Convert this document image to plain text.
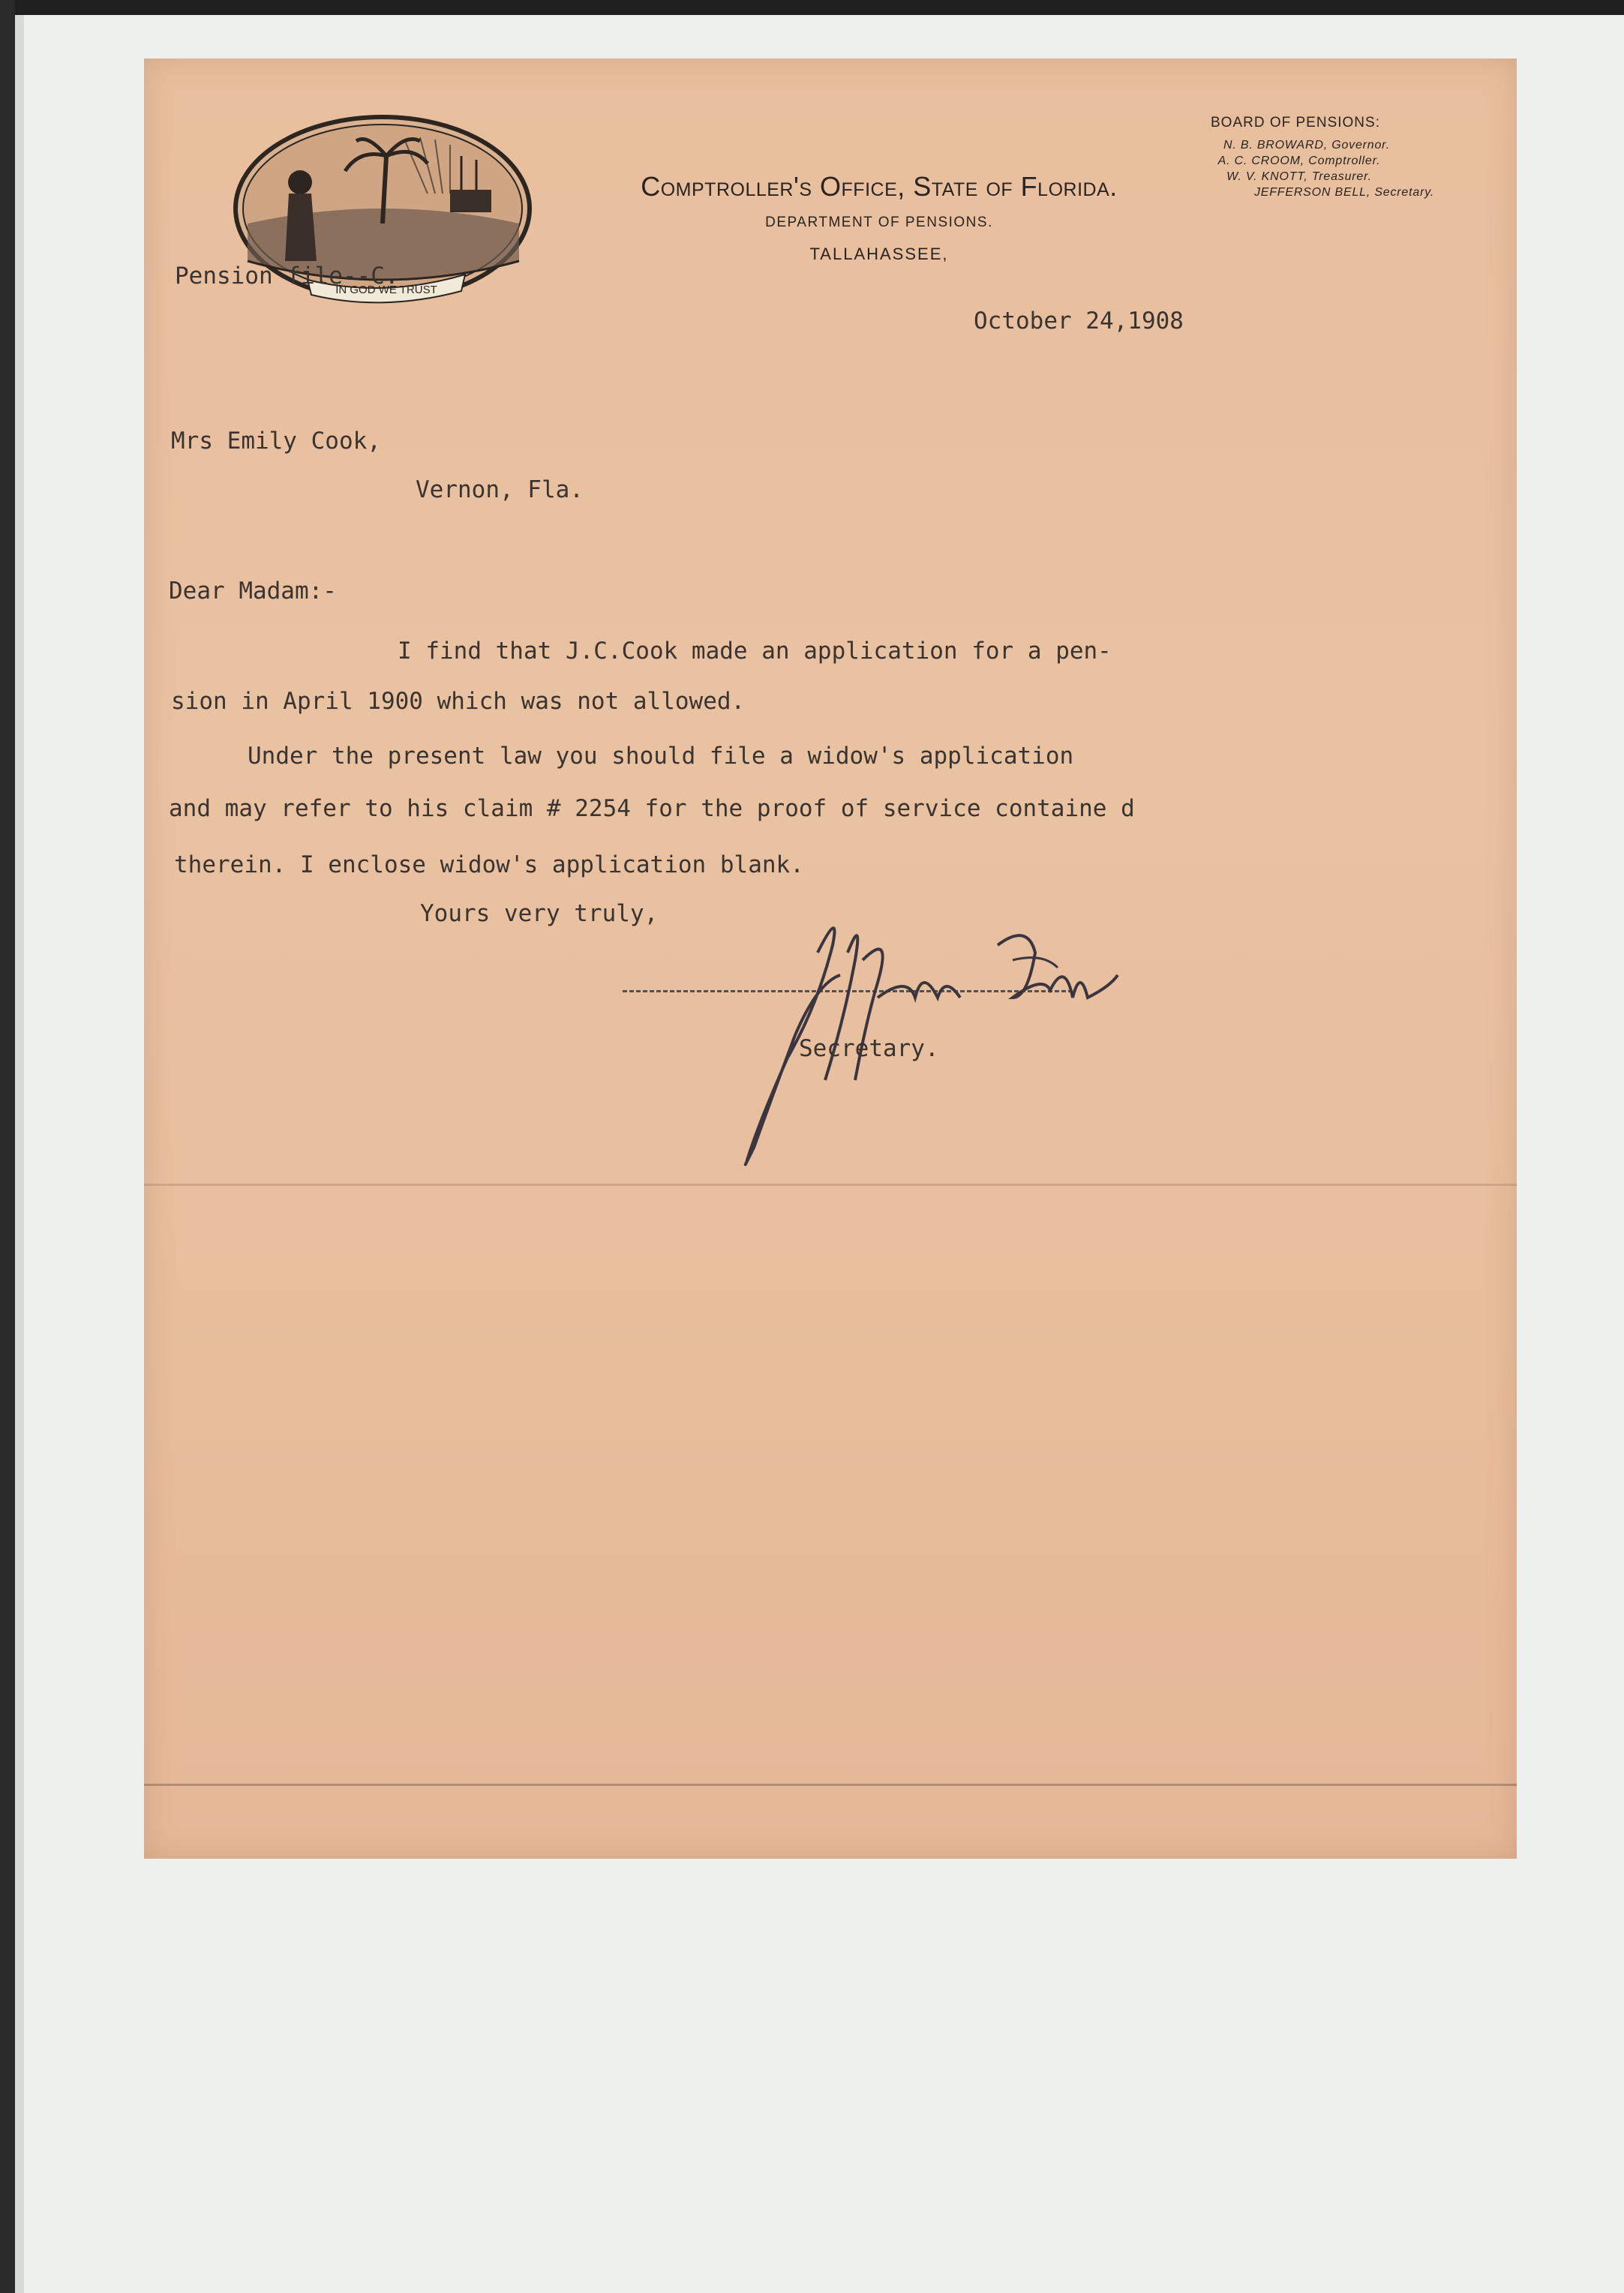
IN GOD WE TRUST
Comptroller's Office, State of Florida.
DEPARTMENT OF PENSIONS.
TALLAHASSEE,
BOARD OF PENSIONS:
N. B. BROWARD, Governor.
A. C. CROOM, Comptroller.
W. V. KNOTT, Treasurer.
JEFFERSON BELL, Secretary.
Pension file--C.
October 24,1908
Mrs Emily Cook,
Vernon, Fla.
Dear Madam:-
I find that J.C.Cook made an application for a pen-
sion in April 1900 which was not allowed.
Under the present law you should file a widow's application
and may refer to his claim # 2254 for the proof of service containe d
therein. I enclose widow's application blank.
Yours very truly,
Secretary.
